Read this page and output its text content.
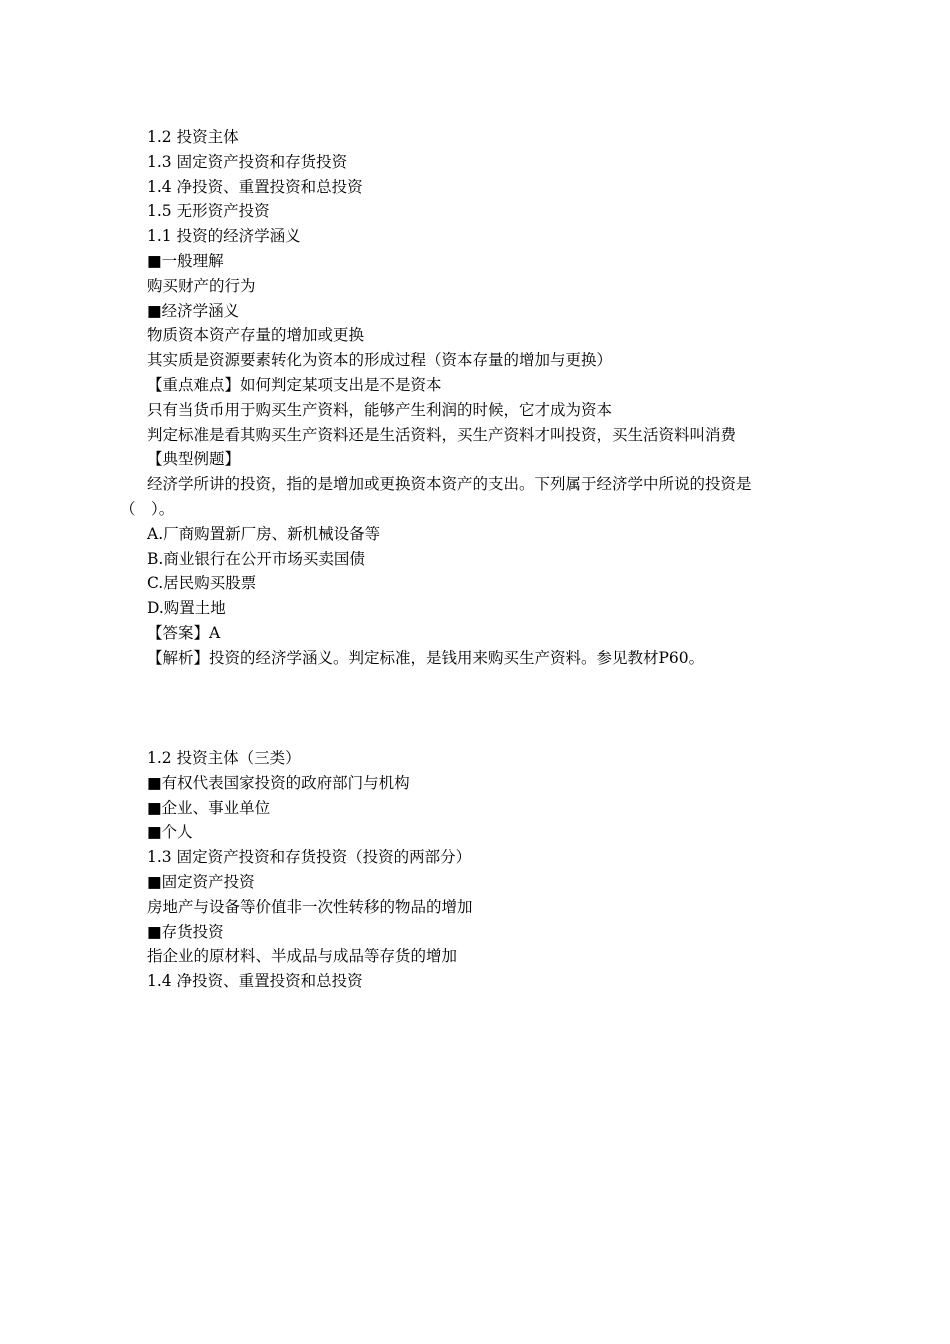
1.2 投资主体
1.3 固定资产投资和存货投资
1.4 净投资、重置投资和总投资
1.5 无形资产投资
1.1 投资的经济学涵义
■一般理解
购买财产的行为
■经济学涵义
物质资本资产存量的增加或更换
其实质是资源要素转化为资本的形成过程（资本存量的增加与更换）
【重点难点】如何判定某项支出是不是资本
只有当货币用于购买生产资料，能够产生利润的时候，它才成为资本
判定标准是看其购买生产资料还是生活资料，买生产资料才叫投资，买生活资料叫消费
【典型例题】
经济学所讲的投资，指的是增加或更换资本资产的支出。下列属于经济学中所说的投资是
（　）。
A.厂商购置新厂房、新机械设备等
B.商业银行在公开市场买卖国债
C.居民购买股票
D.购置土地
【答案】A
【解析】投资的经济学涵义。判定标准，是钱用来购买生产资料。参见教材P60。
1.2 投资主体（三类）
■有权代表国家投资的政府部门与机构
■企业、事业单位
■个人
1.3 固定资产投资和存货投资（投资的两部分）
■固定资产投资
房地产与设备等价值非一次性转移的物品的增加
■存货投资
指企业的原材料、半成品与成品等存货的增加
1.4 净投资、重置投资和总投资
